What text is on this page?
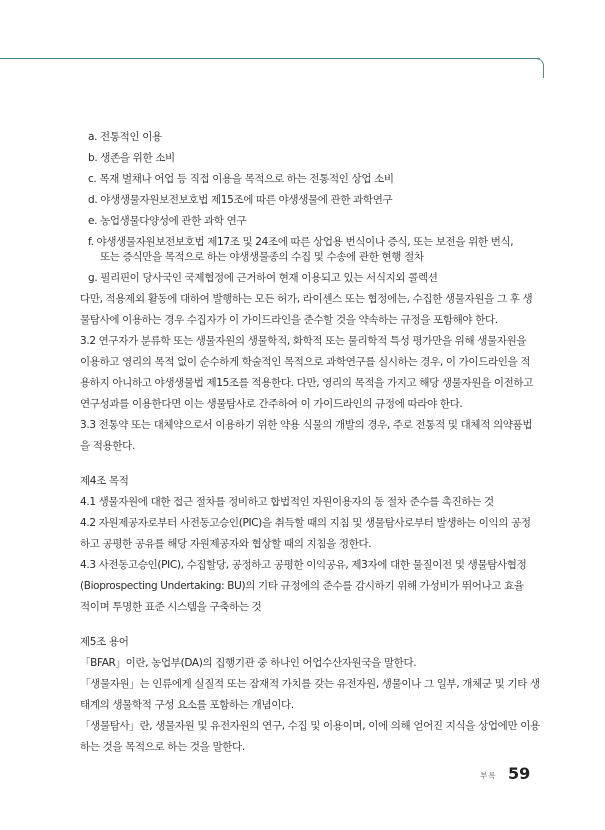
a. 전통적인 이용
b. 생존을 위한 소비
c. 목재 벌채나 어업 등 직접 이용을 목적으로 하는 전통적인 상업 소비
d. 야생생물자원보전보호법 제15조에 따른 야생생물에 관한 과학연구
e. 농업생물다양성에 관한 과학 연구
f. 야생생물자원보전보호법 제17조 및 24조에 따른 상업용 번식이나 증식, 또는 보전을 위한 번식,
또는 증식만을 목적으로 하는 야생생물종의 수집 및 수송에 관한 현행 절차
g. 필리핀이 당사국인 국제협정에 근거하여 현재 이용되고 있는 서식지외 콜렉션
다만, 적용제외 활동에 대하여 발행하는 모든 허가, 라이센스 또는 협정에는, 수집한 생물자원을 그 후 생
물탐사에 이용하는 경우 수집자가 이 가이드라인을 준수할 것을 약속하는 규정을 포함해야 한다.
3.2 연구자가 분류학 또는 생물자원의 생물학적, 화학적 또는 물리학적 특성 평가만을 위해 생물자원을
이용하고 영리의 목적 없이 순수하게 학술적인 목적으로 과학연구를 실시하는 경우, 이 가이드라인을 적
용하지 아니하고 야생생물법 제15조를 적용한다. 다만, 영리의 목적을 가지고 해당 생물자원을 이전하고
연구성과를 이용한다면 이는 생물탐사로 간주하여 이 가이드라인의 규정에 따라야 한다.
3.3 전통약 또는 대체약으로서 이용하기 위한 약용 식물의 개발의 경우, 주로 전통적 및 대체적 의약품법
을 적용한다.
제4조 목적
4.1 생물자원에 대한 접근 절차를 정비하고 합법적인 자원이용자의 동 절차 준수를 촉진하는 것
4.2 자원제공자로부터 사전동고승인(PIC)을 취득할 때의 지침 및 생물탐사로부터 발생하는 이익의 공정
하고 공평한 공유를 해당 자원제공자와 협상할 때의 지침을 정한다.
4.3 사전동고승인(PIC), 수집할당, 공정하고 공평한 이익공유, 제3자에 대한 물질이전 및 생물탐사협정
(Bioprospecting Undertaking: BU)의 기타 규정에의 준수를 감시하기 위해 가성비가 뛰어나고 효율
적이며 투명한 표준 시스템을 구축하는 것
제5조 용어
「BFAR」이란, 농업부(DA)의 집행기관 중 하나인 어업수산자원국을 말한다.
「생물자원」는 인류에게 실질적 또는 잠재적 가치를 갖는 유전자원, 생물이나 그 일부, 개체군 및 기타 생
태계의 생물학적 구성 요소를 포함하는 개념이다.
「생물탐사」란, 생물자원 및 유전자원의 연구, 수집 및 이용이며, 이에 의해 얻어진 지식을 상업에만 이용
하는 것을 목적으로 하는 것을 말한다.
부록 59
